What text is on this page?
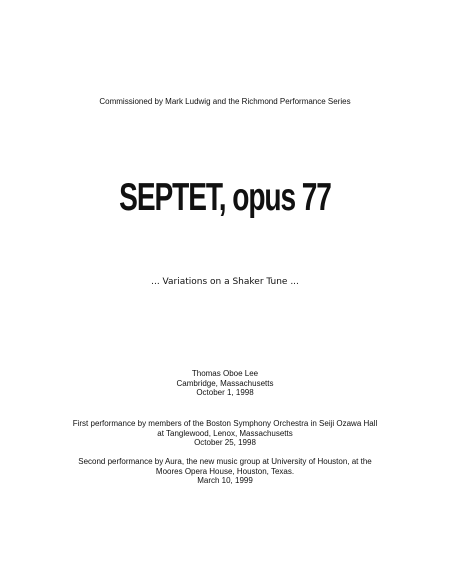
Commissioned by Mark Ludwig and the Richmond Performance Series
SEPTET, opus 77
... Variations on a Shaker Tune ...
Thomas Oboe Lee
Cambridge, Massachusetts
October 1, 1998
First performance by members of the Boston Symphony Orchestra in Seiji Ozawa Hall
at Tanglewood, Lenox, Massachusetts
October 25, 1998
Second performance by Aura, the new music group at University of Houston, at the
Moores Opera House, Houston, Texas.
March 10, 1999
